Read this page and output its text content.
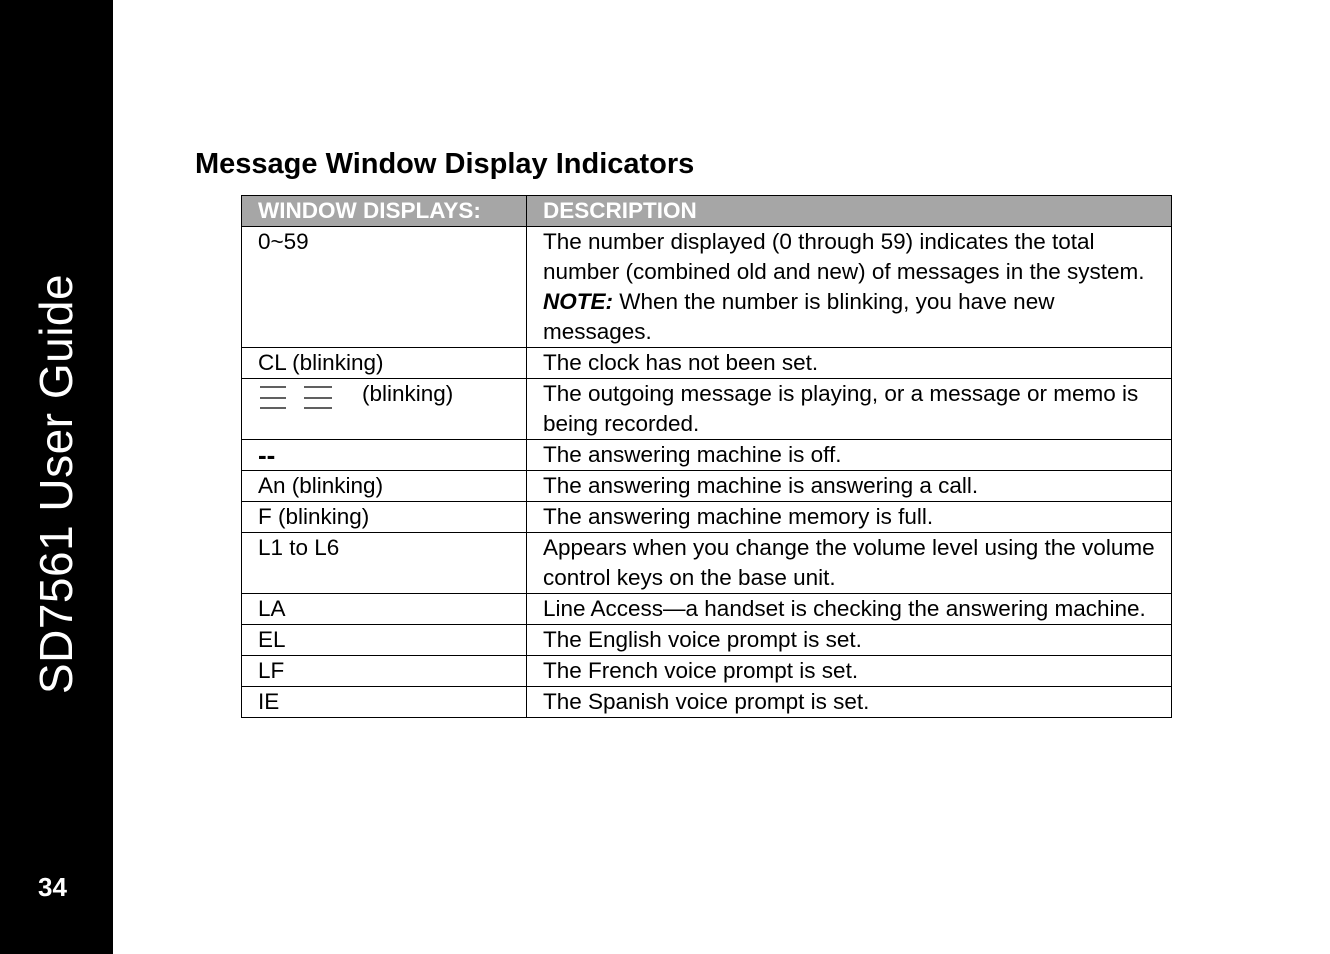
SD7561 User Guide
34
Message Window Display Indicators
WINDOW DISPLAYS:	DESCRIPTION
0~59	The number displayed (0 through 59) indicates the total number (combined old and new) of messages in the system.
NOTE: When the number is blinking, you have new messages.
CL (blinking)	The clock has not been set.

(blinking)	The outgoing message is playing, or a message or memo is being recorded.
--	The answering machine is off.
An (blinking)	The answering machine is answering a call.
F (blinking)	The answering machine memory is full.
L1 to L6	Appears when you change the volume level using the volume control keys on the base unit.
LA	Line Access—a handset is checking the answering machine.
EL	The English voice prompt is set.
LF	The French voice prompt is set.
IE	The Spanish voice prompt is set.
